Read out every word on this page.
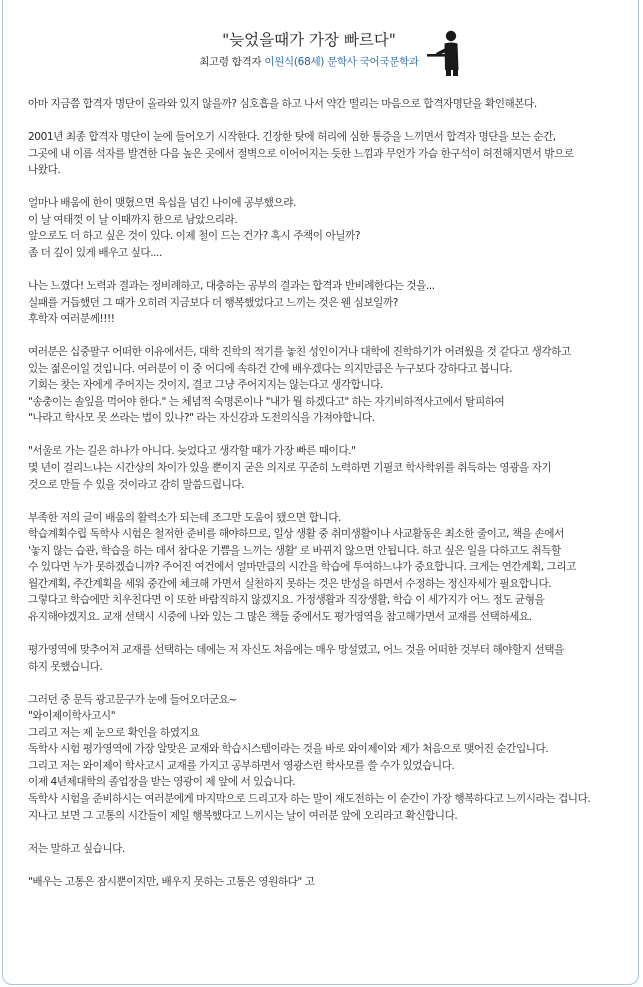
"늦었을때가 가장 빠르다"
최고령 합격자 이원식(68세) 문학사 국어국문학과

아마 지금쯤 합격자 명단이 올라와 있지 않을까? 심호흡을 하고 나서 약간 떨리는 마음으로 합격자명단을 확인해본다.

2001년 최종 합격자 명단이 눈에 들어오기 시작한다. 긴장한 탓에 허리에 심한 통증을 느끼면서 합격자 명단을 보는 순간,
그곳에 내 이름 석자를 발견한 다음 높은 곳에서 절벽으로 이어어지는 듯한 느낌과 무언가 가슴 한구석이 허전해지면서 밖으로
나왔다.

얼마나 배움에 한이 맺혔으면 육십을 넘긴 나이에 공부했으랴.
이 날 여태껏 이 날 이때까지 한으로 남았으리라.
앞으로도 더 하고 싶은 것이 있다. 이제 철이 드는 건가? 혹시 주책이 아닐까?
좀 더 깊이 있게 배우고 싶다....

나는 느꼈다! 노력과 결과는 정비례하고, 대충하는 공부의 결과는 합격과 반비례한다는 것을...
실패를 거듭했던 그 때가 오히려 지금보다 더 행복했었다고 느끼는 것은 웬 심보일까?
후학자 여러분께!!!!

여러분은 십중팔구 어떠한 이유에서든, 대학 진학의 적기를 놓친 성인이거나 대학에 진학하기가 어려웠을 것 같다고 생각하고
있는 젊은이일 것입니다. 여러분이 이 중 어디에 속하건 간에 배우겠다는 의지만큼은 누구보다 강하다고 봅니다.
기회는 찾는 자에게 주어지는 것이지, 결코 그냥 주어지지는 않는다고 생각합니다.
"송충이는 솔잎을 먹어야 한다." 는 체념적 숙명론이나 "내가 뭘 하겠다고" 하는 자기비하적사고에서 탈피하여
"나라고 학사모 못 쓰라는 법이 있나?" 라는 자신감과 도전의식을 가져야합니다.

"서울로 가는 길은 하나가 아니다. 늦었다고 생각할 때가 가장 빠른 때이다."
몇 년이 걸리느냐는 시간상의 차이가 있을 뿐이지 굳은 의지로 꾸준히 노력하면 기필코 학사학위를 취득하는 영광을 자기
것으로 만들 수 있을 것이라고 감히 말씀드립니다.

부족한 저의 글이 배움의 활력소가 되는데 조그만 도움이 됐으면 합니다.
학습계획수립 독학사 시험은 철저한 준비를 해야하므로, 일상 생활 중 취미생활이나 사교활동은 최소한 줄이고, 책을 손에서
'놓지 않는 습관, 학습을 하는 데서 참다운 기쁨을 느끼는 생활' 로 바뀌지 않으면 안됩니다. 하고 싶은 일을 다하고도 취득할
수 있다면 누가 못하겠습니까? 주어진 여건에서 얼마만큼의 시간을 학습에 투여하느냐가 중요합니다. 크게는 연간계획, 그리고
월간계획, 주간계획을 세워 중간에 체크해 가면서 실천하지 못하는 것은 반성을 하면서 수정하는 정신자세가 필요합니다.
그렇다고 학습에만 치우친다면 이 또한 바람직하지 않겠지요. 가정생활과 직장생활, 학습 이 세가지가 어느 정도 균형을
유지해야겠지요. 교재 선택시 시중에 나와 있는 그 많은 책들 중에서도 평가영역을 참고해가면서 교재를 선택하세요.

평가영역에 맞추어져 교재를 선택하는 데에는 저 자신도 처음에는 매우 망설였고, 어느 것을 어떠한 것부터 해야할지 선택을
하지 못했습니다.

그러던 중 문득 광고문구가 눈에 들어오더군요~
"와이제이학사고시"
그리고 저는 제 눈으로 확인을 하였지요
독학사 시험 평가영역에 가장 알맞은 교재와 학습시스템이라는 것을 바로 와이제이와 제가 처음으로 맺어진 순간입니다.
그리고 저는 와이제이 학사고시 교재를 가지고 공부하면서 영광스런 학사모를 쓸 수가 있었습니다.
이제 4년제대학의 졸업장을 받는 영광이 제 앞에 서 있습니다.
독학사 시험을 준비하시는 여러분에게 마지막으로 드리고자 하는 말이 재도전하는 이 순간이 가장 행복하다고 느끼시라는 겁니다.
지나고 보면 그 고통의 시간들이 제일 행복했다고 느끼시는 날이 여러분 앞에 오리라고 확신합니다.

저는 말하고 싶습니다.

"배우는 고통은 잠시뿐이지만, 배우지 못하는 고통은 영원하다" 고
